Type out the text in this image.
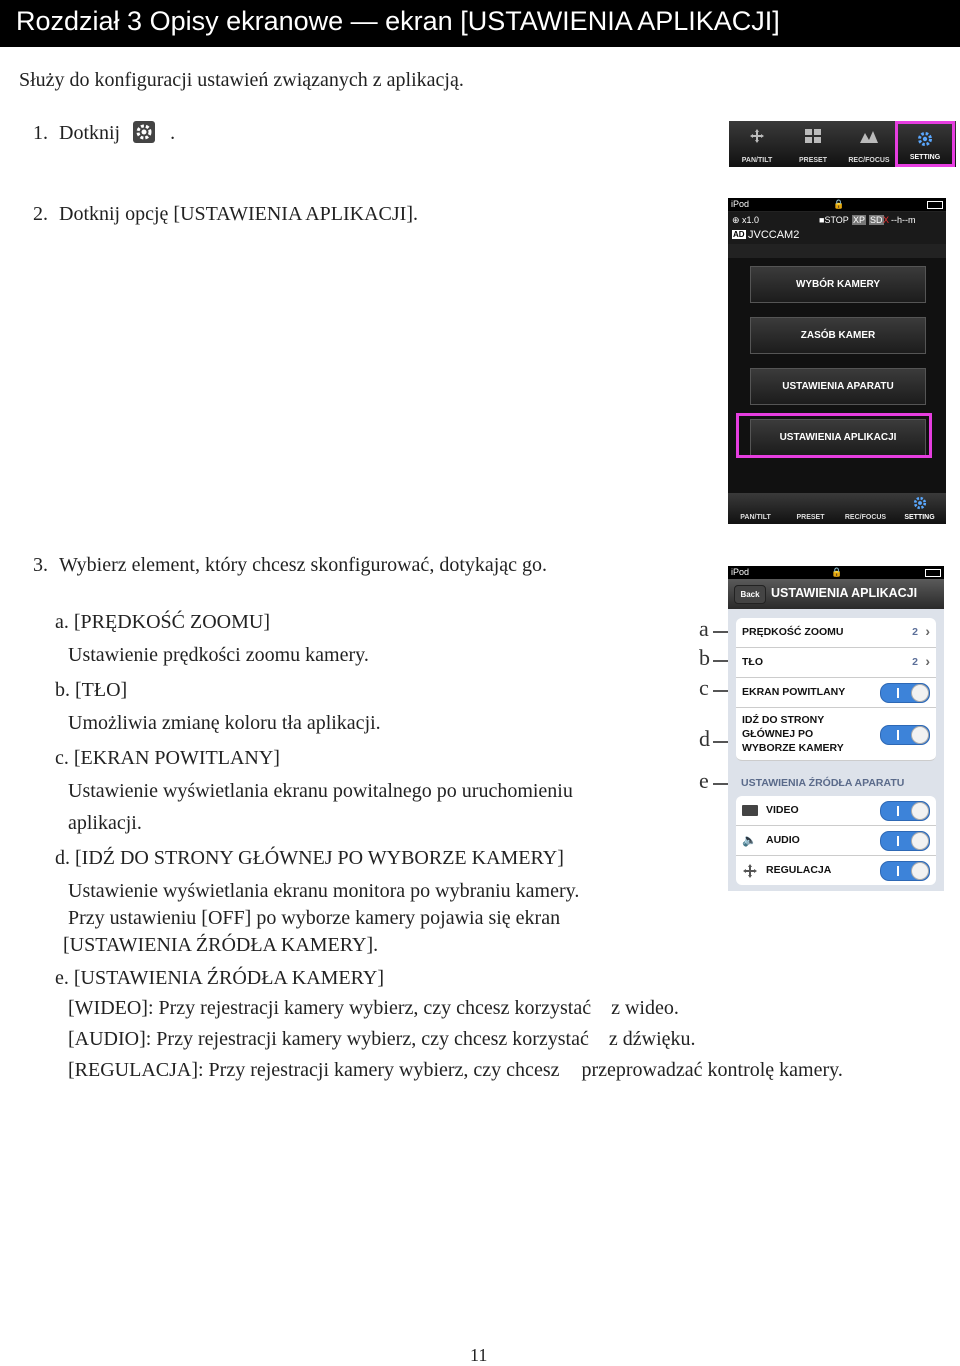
Rozdział 3 Opisy ekranowe — ekran [USTAWIENIA APLIKACJI]
Służy do konfiguracji ustawień związanych z aplikacją.
1. Dotknij	.
2. Dotknij opcję [USTAWIENIA APLIKACJI].
PAN/TILT	PRESET	REC/FOCUS	SETTING
iPod	🔒
⊕ x1.0	■STOP XP SD X --h--m
AD JVCCAM2
WYBÓR KAMERY
ZASÓB KAMER
USTAWIENIA APARATU
USTAWIENIA APLIKACJI
PAN/TILT	PRESET	REC/FOCUS	SETTING
3. Wybierz element, który chcesz skonfigurować, dotykając go.
a. [PRĘDKOŚĆ ZOOMU]
Ustawienie prędkości zoomu kamery.
b. [TŁO]
Umożliwia zmianę koloru tła aplikacji.
c. [EKRAN POWITLANY]
Ustawienie wyświetlania ekranu powitalnego po uruchomieniu
aplikacji.
d. [IDŹ DO STRONY GŁÓWNEJ PO WYBORZE KAMERY]
Ustawienie wyświetlania ekranu monitora po wybraniu kamery.
Przy ustawieniu [OFF] po wyborze kamery pojawia się ekran
[USTAWIENIA ŹRÓDŁA KAMERY].
e. [USTAWIENIA ŹRÓDŁA KAMERY]
[WIDEO]: Przy rejestracji kamery wybierz, czy chcesz korzystać z wideo.
[AUDIO]: Przy rejestracji kamery wybierz, czy chcesz korzystać z dźwięku.
[REGULACJA]: Przy rejestracji kamery wybierz, czy chcesz przeprowadzać kontrolę kamery.
a
b
c
d
e
iPod	🔒
Back USTAWIENIA APLIKACJI
PRĘDKOŚĆ ZOOMU	2 ›
TŁO	2 ›
EKRAN POWITLANY
IDŹ DO STRONY
GŁÓWNEJ PO
WYBORZE KAMERY
USTAWIENIA ŹRÓDŁA APARATU
VIDEO
🔈 AUDIO
REGULACJA
11
